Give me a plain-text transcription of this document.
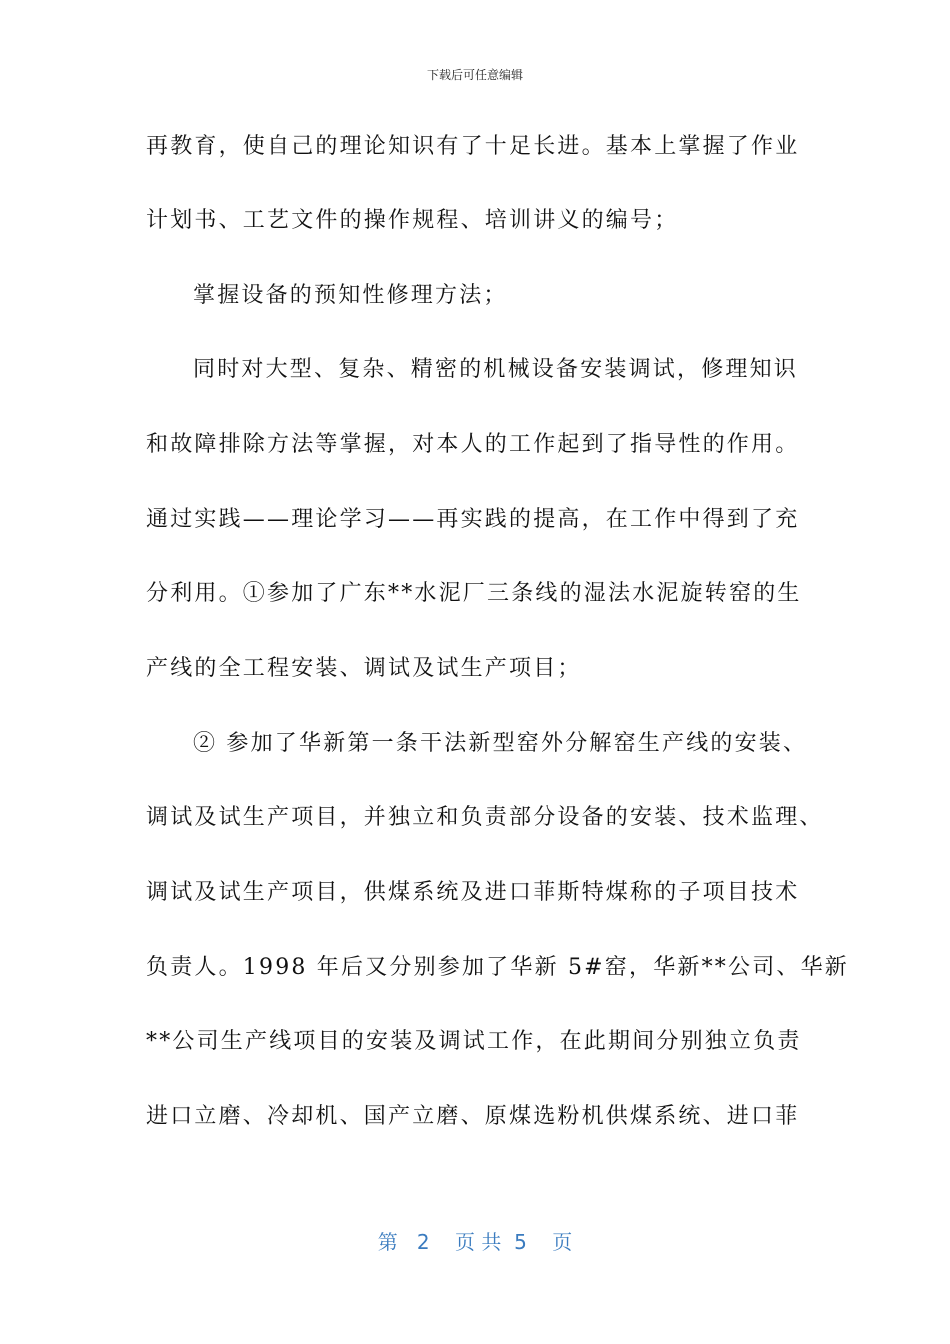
下载后可任意编辑
再教育，使自己的理论知识有了十足长进。基本上掌握了作业
计划书、工艺文件的操作规程、培训讲义的编号；
掌握设备的预知性修理方法；
同时对大型、复杂、精密的机械设备安装调试，修理知识
和故障排除方法等掌握，对本人的工作起到了指导性的作用。
通过实践——理论学习——再实践的提高，在工作中得到了充
分利用。①参加了广东**水泥厂三条线的湿法水泥旋转窑的生
产线的全工程安装、调试及试生产项目；
② 参加了华新第一条干法新型窑外分解窑生产线的安装、
调试及试生产项目，并独立和负责部分设备的安装、技术监理、
调试及试生产项目，供煤系统及进口菲斯特煤称的子项目技术
负责人。1998 年后又分别参加了华新 5#窑，华新**公司、华新
**公司生产线项目的安装及调试工作，在此期间分别独立负责
进口立磨、冷却机、国产立磨、原煤选粉机供煤系统、进口菲
第   2    页 共  5    页
